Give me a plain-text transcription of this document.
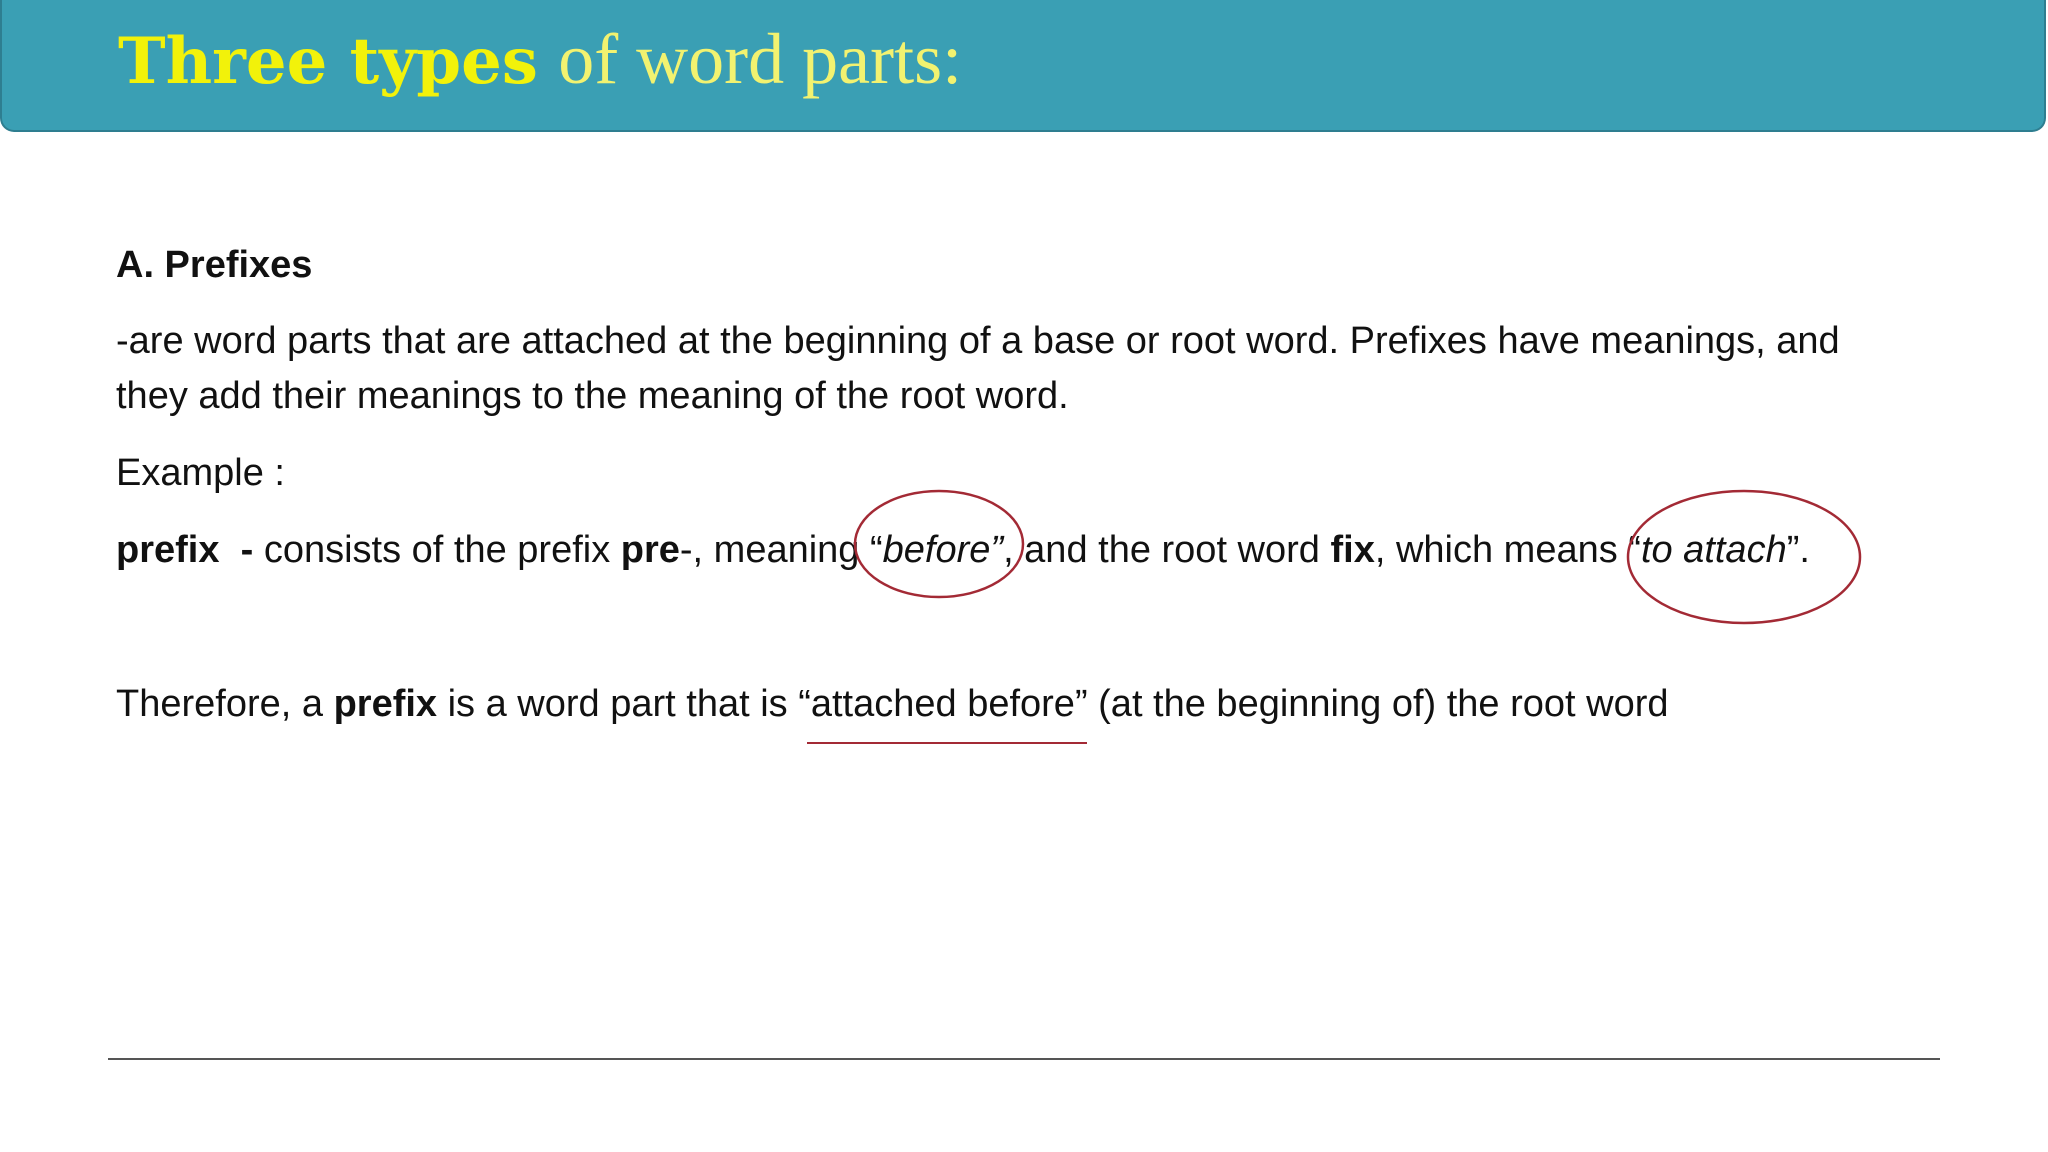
Three types of word parts:
A. Prefixes

-are word parts that are attached at the beginning of a base or root word. Prefixes have meanings, and they add their meanings to the meaning of the root word.

Example :

prefix - consists of the prefix pre-, meaning “before”, and the root word fix, which means “to attach”.

Therefore, a prefix is a word part that is “attached before” (at the beginning of) the root word
